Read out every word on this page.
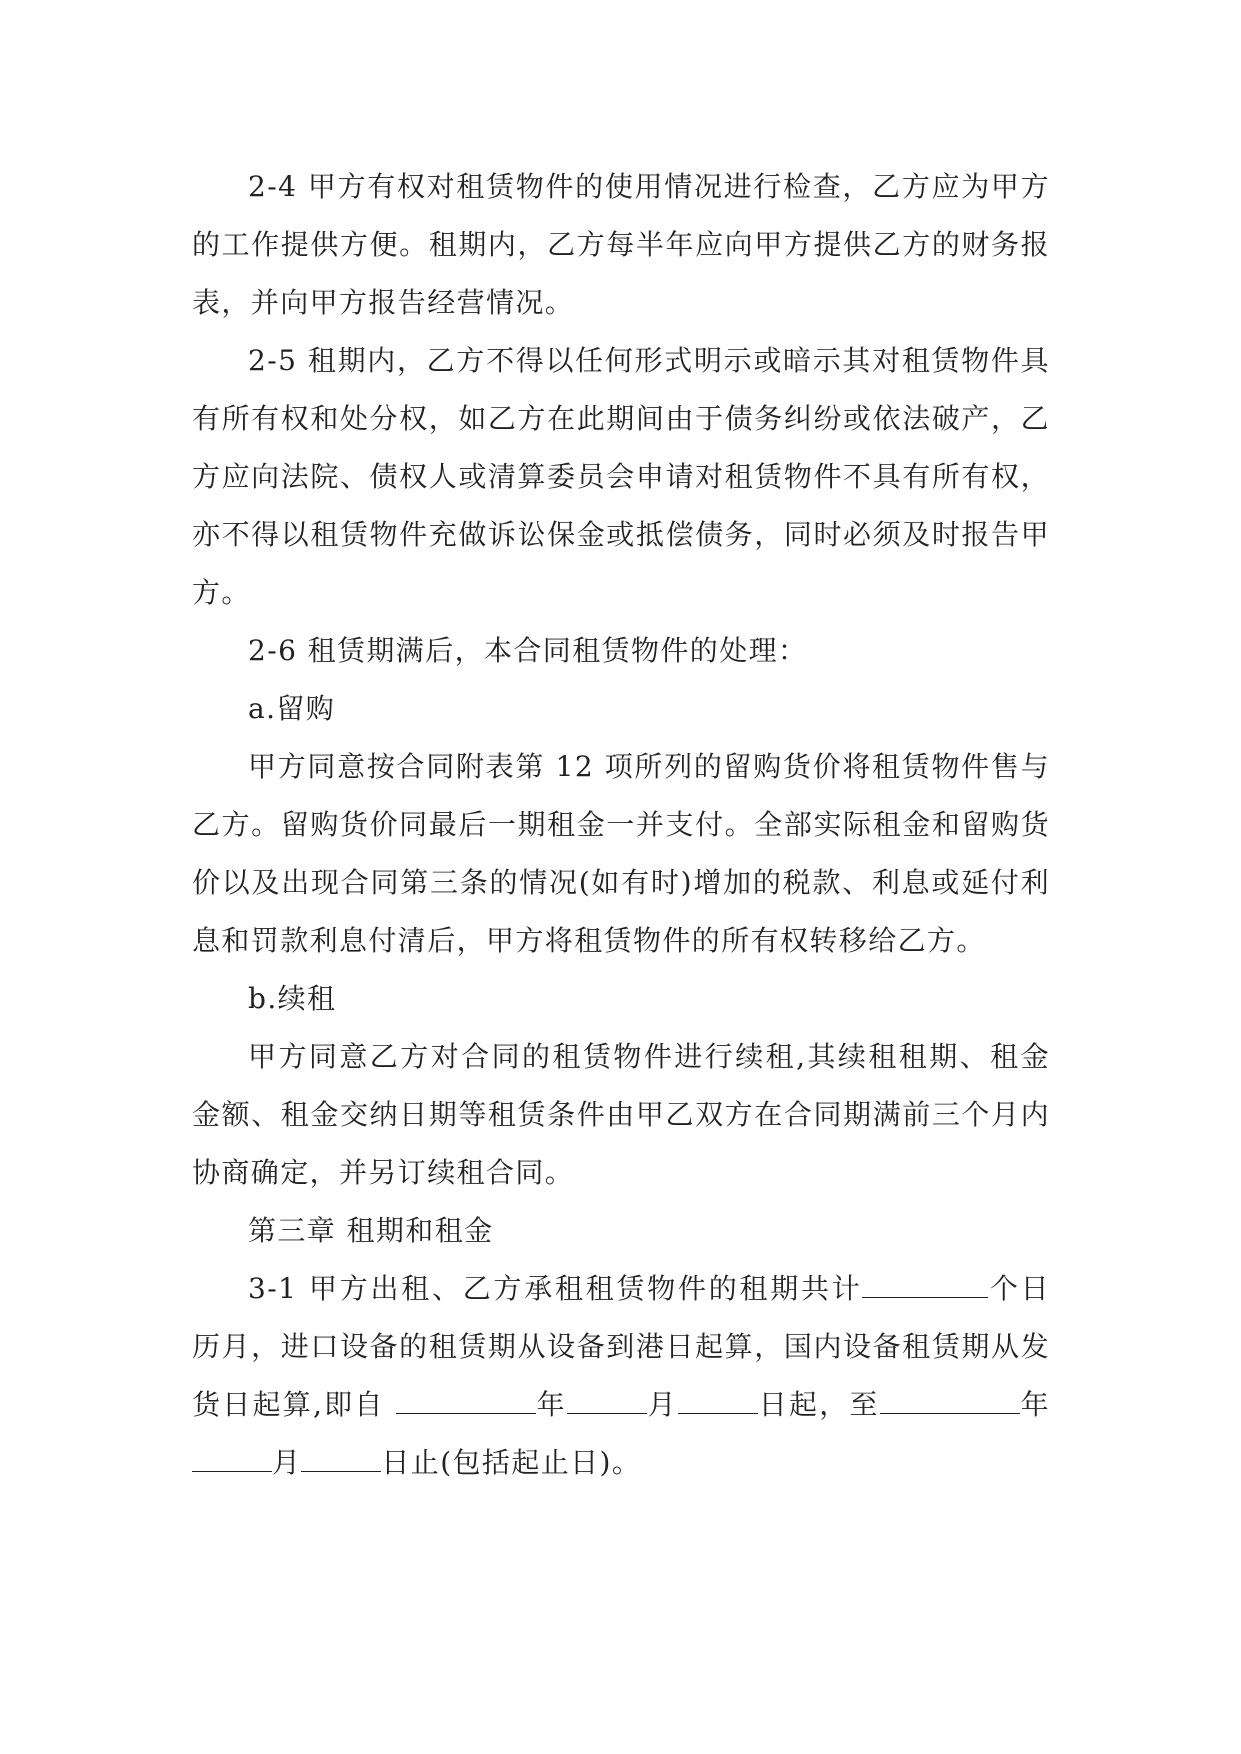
2-4 甲方有权对租赁物件的使用情况进行检查，乙方应为甲方的工作提供方便。租期内，乙方每半年应向甲方提供乙方的财务报表，并向甲方报告经营情况。

2-5 租期内，乙方不得以任何形式明示或暗示其对租赁物件具有所有权和处分权，如乙方在此期间由于债务纠纷或依法破产，乙方应向法院、债权人或清算委员会申请对租赁物件不具有所有权，亦不得以租赁物件充做诉讼保金或抵偿债务，同时必须及时报告甲方。

2-6 租赁期满后，本合同租赁物件的处理：

a.留购

甲方同意按合同附表第 12 项所列的留购货价将租赁物件售与乙方。留购货价同最后一期租金一并支付。全部实际租金和留购货价以及出现合同第三条的情况(如有时)增加的税款、利息或延付利息和罚款利息付清后，甲方将租赁物件的所有权转移给乙方。

b.续租

甲方同意乙方对合同的租赁物件进行续租,其续租租期、租金金额、租金交纳日期等租赁条件由甲乙双方在合同期满前三个月内协商确定，并另订续租合同。

第三章 租期和租金

3-1 甲方出租、乙方承租租赁物件的租期共计	个日历月，进口设备的租赁期从设备到港日起算，国内设备租赁期从发货日起算,即自	年	月	日起，至	年月	日止(包括起止日)。
